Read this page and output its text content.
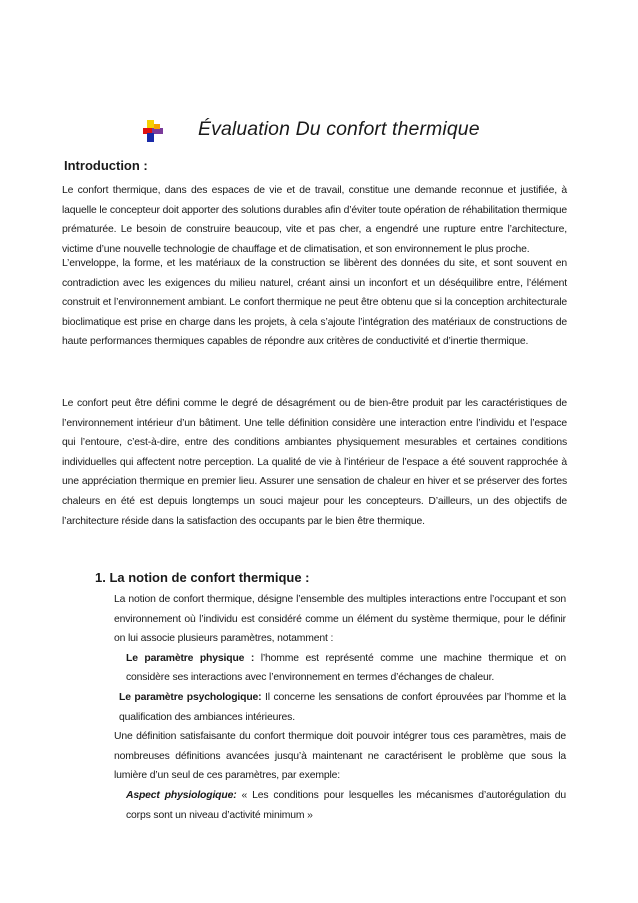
Évaluation Du confort thermique
Introduction :

Le confort thermique, dans des espaces de vie et de travail, constitue une demande reconnue et justifiée, à laquelle le concepteur doit apporter des solutions durables afin d’éviter toute opération de réhabilitation thermique prématurée. Le besoin de construire beaucoup, vite et pas cher, a engendré une rupture entre l’architecture, victime d’une nouvelle technologie de chauffage et de climatisation, et son environnement le plus proche.

L’enveloppe, la forme, et les matériaux de la construction se libèrent des données du site, et sont souvent en contradiction avec les exigences du milieu naturel, créant ainsi un inconfort et un déséquilibre entre, l’élément construit et l’environnement ambiant. Le confort thermique ne peut être obtenu que si la conception architecturale bioclimatique est prise en charge dans les projets, à cela s’ajoute l’intégration des matériaux de constructions de haute performances thermiques capables de répondre aux critères de conductivité et d’inertie thermique.

Le confort peut être défini comme le degré de désagrément ou de bien-être produit par les caractéristiques de l’environnement intérieur d’un bâtiment. Une telle définition considère une interaction entre l’individu et l’espace qui l’entoure, c’est-à-dire, entre des conditions ambiantes physiquement mesurables et certaines conditions individuelles qui affectent notre perception. La qualité de vie à l’intérieur de l’espace a été souvent rapprochée à une appréciation thermique en premier lieu. Assurer une sensation de chaleur en hiver et se préserver des fortes chaleurs en été est depuis longtemps un souci majeur pour les concepteurs. D’ailleurs, un des objectifs de l’architecture réside dans la satisfaction des occupants par le bien être thermique.

1. La notion de confort thermique :
La notion de confort thermique, désigne l’ensemble des multiples interactions entre l’occupant et son environnement où l’individu est considéré comme un élément du système thermique, pour le définir on lui associe plusieurs paramètres, notamment :
Le paramètre physique : l’homme est représenté comme une machine thermique et on considère ses interactions avec l’environnement en termes d’échanges de chaleur.
Le paramètre psychologique: Il concerne les sensations de confort éprouvées par l’homme et la qualification des ambiances intérieures.
Une définition satisfaisante du confort thermique doit pouvoir intégrer tous ces paramètres, mais de nombreuses définitions avancées jusqu’à maintenant ne caractérisent le problème que sous la lumière d’un seul de ces paramètres, par exemple:
Aspect physiologique: « Les conditions pour lesquelles les mécanismes d’autorégulation du corps sont un niveau d’activité minimum »
